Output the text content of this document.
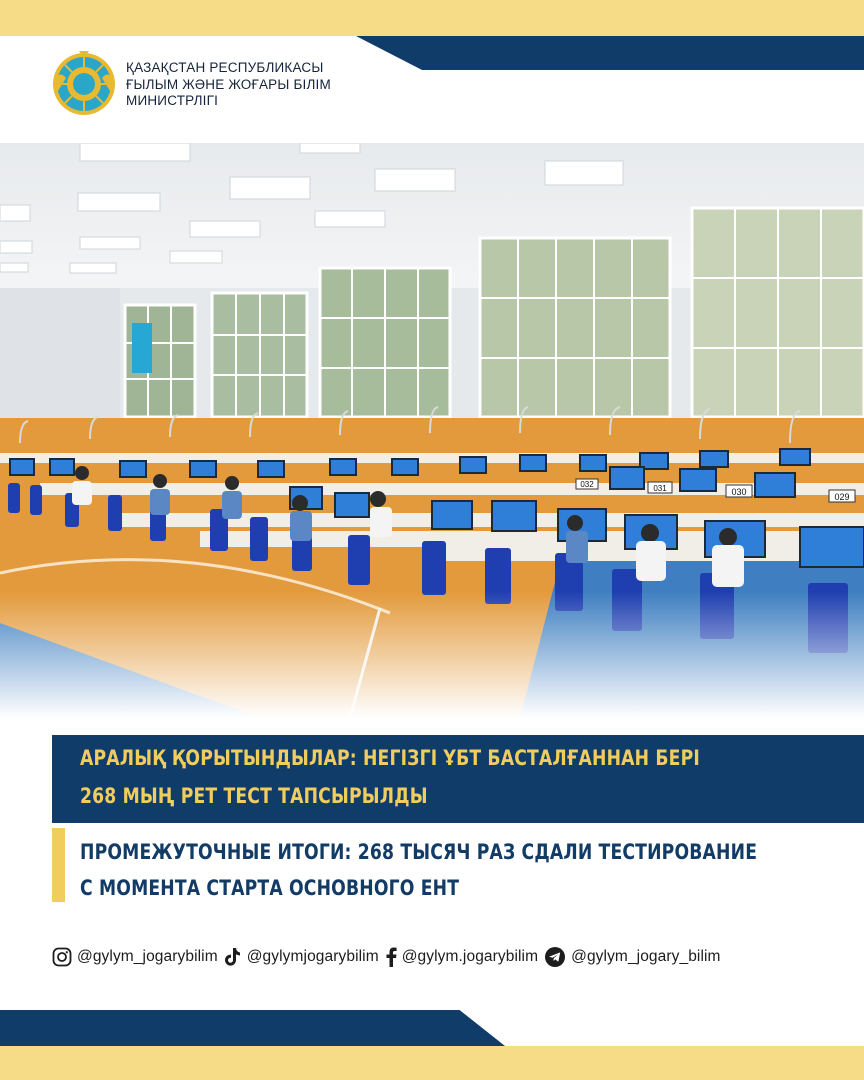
ҚАЗАҚСТАН РЕСПУБЛИКАСЫ
ҒЫЛЫМ ЖӘНЕ ЖОҒАРЫ БІЛІМ
МИНИСТРЛІГІ
АРАЛЫҚ ҚОРЫТЫНДЫЛАР: НЕГІЗГІ ҰБТ БАСТАЛҒАННАН БЕРІ
268 МЫҢ РЕТ ТЕСТ ТАПСЫРЫЛДЫ
ПРОМЕЖУТОЧНЫЕ ИТОГИ: 268 ТЫСЯЧ РАЗ СДАЛИ ТЕСТИРОВАНИЕ
С МОМЕНТА СТАРТА ОСНОВНОГО ЕНТ
@gylym_jogarybilim @gylymjogarybilim @gylym.jogarybilim @gylym_jogary_bilim
